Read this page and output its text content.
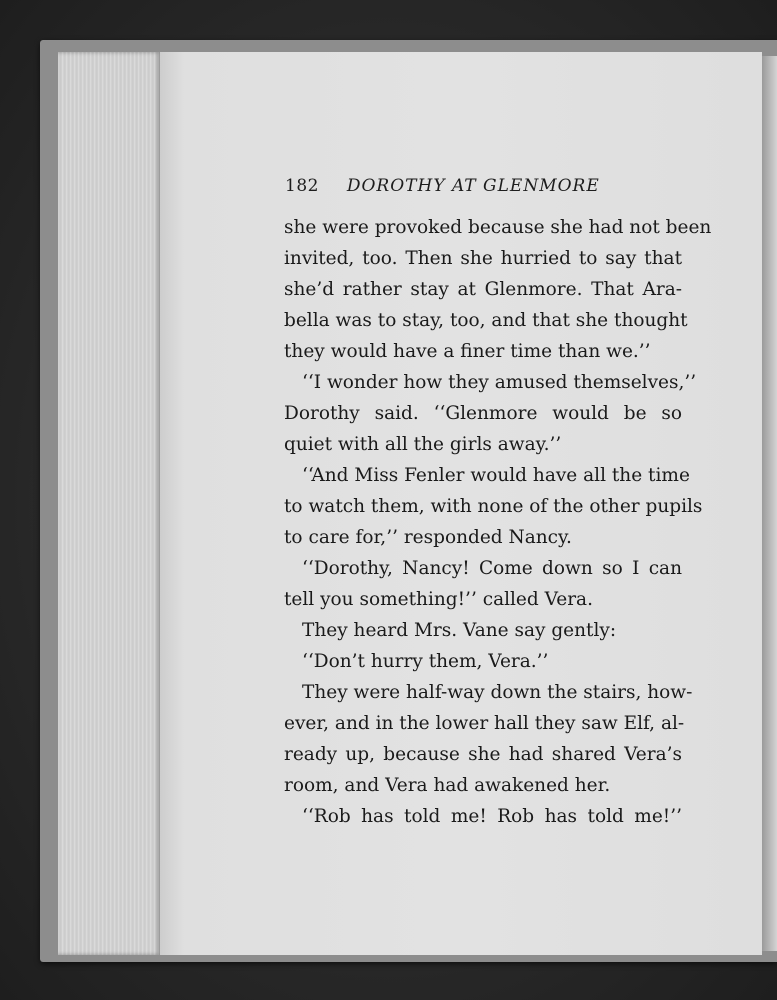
182 DOROTHY AT GLENMORE
she were provoked because she had not been
invited, too. Then she hurried to say that
she’d rather stay at Glenmore. That Ara-
bella was to stay, too, and that she thought
they would have a finer time than we.’’
‘‘I wonder how they amused themselves,’’
Dorothy said. ‘‘Glenmore would be so
quiet with all the girls away.’’
‘‘And Miss Fenler would have all the time
to watch them, with none of the other pupils
to care for,’’ responded Nancy.
‘‘Dorothy, Nancy! Come down so I can
tell you something!’’ called Vera.
They heard Mrs. Vane say gently:
‘‘Don’t hurry them, Vera.’’
They were half-way down the stairs, how-
ever, and in the lower hall they saw Elf, al-
ready up, because she had shared Vera’s
room, and Vera had awakened her.
‘‘Rob has told me! Rob has told me!’’
